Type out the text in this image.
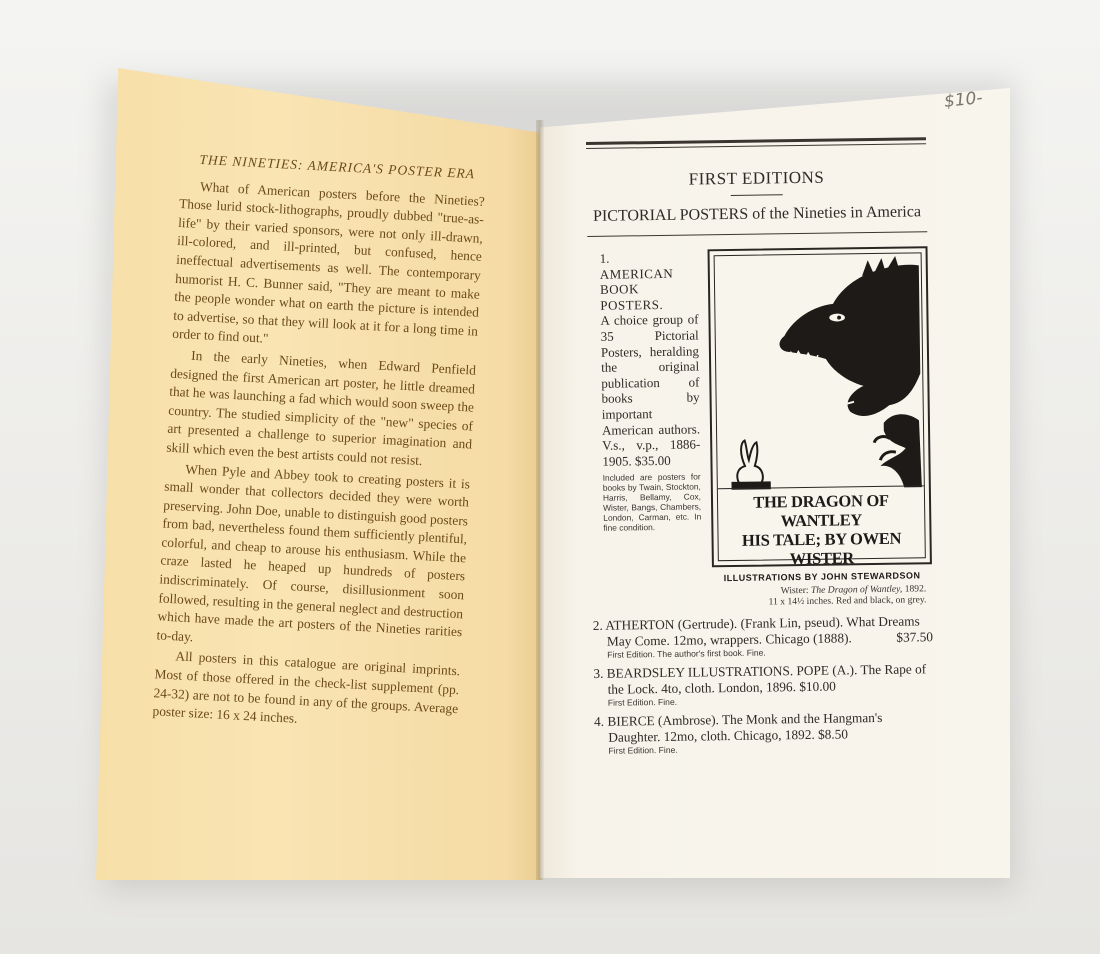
$10-
THE NINETIES: AMERICA'S POSTER ERA

What of American posters before the Nineties? Those lurid stock-lithographs, proudly dubbed "true-as-life" by their varied sponsors, were not only ill-drawn, ill-colored, and ill-printed, but confused, hence ineffectual advertisements as well. The contemporary humorist H. C. Bunner said, "They are meant to make the people wonder what on earth the picture is intended to advertise, so that they will look at it for a long time in order to find out."

In the early Nineties, when Edward Penfield designed the first American art poster, he little dreamed that he was launching a fad which would soon sweep the country. The studied simplicity of the "new" species of art presented a challenge to superior imagination and skill which even the best artists could not resist.

When Pyle and Abbey took to creating posters it is small wonder that collectors decided they were worth preserving. John Doe, unable to distinguish good posters from bad, nevertheless found them sufficiently plentiful, colorful, and cheap to arouse his enthusiasm. While the craze lasted he heaped up hundreds of posters indiscriminately. Of course, disillusionment soon followed, resulting in the general neglect and destruction which have made the art posters of the Nineties rarities to-day.

All posters in this catalogue are original imprints. Most of those offered in the check-list supplement (pp. 24-32) are not to be found in any of the groups. Average poster size: 16 x 24 inches.

FIRST EDITIONS
PICTORIAL POSTERS of the Nineties in America
1.
AMERICAN
BOOK
POSTERS.
A choice group of 35 Pictorial Posters, heralding the original publication of books by important American authors. V.s., v.p., 1886-1905. $35.00
Included are posters for books by Twain, Stockton, Harris, Bellamy, Cox, Wister, Bangs, Chambers, London, Carman, etc. In fine condition.
THE DRAGON OF WANTLEY
HIS TALE; BY OWEN WISTER
ILLUSTRATIONS BY JOHN STEWARDSON
Wister: The Dragon of Wantley, 1892.
11 x 14½ inches. Red and black, on grey.
2. ATHERTON (Gertrude). (Frank Lin, pseud). What Dreams May Come. 12mo, wrappers. Chicago (1888).	$37.50
First Edition. The author's first book. Fine.
3. BEARDSLEY ILLUSTRATIONS. POPE (A.). The Rape of the Lock. 4to, cloth. London, 1896. $10.00
First Edition. Fine.
4. BIERCE (Ambrose). The Monk and the Hangman's Daughter. 12mo, cloth. Chicago, 1892. $8.50
First Edition. Fine.
